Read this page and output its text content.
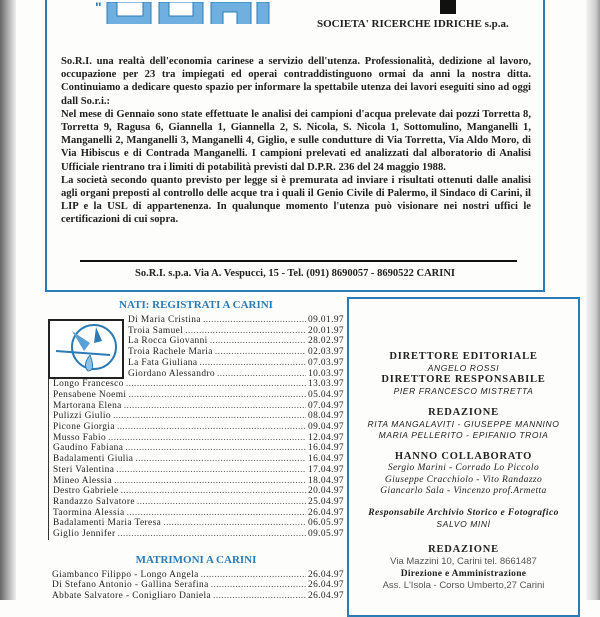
"
SOCIETA' RICERCHE IDRICHE s.p.a.

So.R.I. una realtà dell'economia carinese a servizio dell'utenza. Professionalità, dedizione al lavoro, occupazione per 23 tra impiegati ed operai contraddistinguono ormai da anni la nostra ditta. Continuiamo a dedicare questo spazio per informare la spettabile utenza dei lavori eseguiti sino ad oggi dall So.r.i.:

Nel mese di Gennaio sono state effettuate le analisi dei campioni d'acqua prelevate dai pozzi Torretta 8, Torretta 9, Ragusa 6, Giannella 1, Giannella 2, S. Nicola, S. Nicola 1, Sottomulino, Manganelli 1, Manganelli 2, Manganelli 3, Manganelli 4, Giglio, e sulle condutture di Via Torretta, Via Aldo Moro, di Via Hibiscus e di Contrada Manganelli. I campioni prelevati ed analizzati dal alboratorio di Analisi Ufficiale rientrano tra i limiti di potabilità previsti dal D.P.R. 236 del 24 maggio 1988.

La società secondo quanto previsto per legge si è premurata ad inviare i risultati ottenuti dalle analisi agli organi preposti al controllo delle acque tra i quali il Genio Civile di Palermo, il Sindaco di Carini, il LIP e la USL di appartenenza. In qualunque momento l'utenza può visionare nei nostri uffici le certificazioni di cui sopra.

So.R.I. s.p.a. Via A. Vespucci, 15 - Tel. (091) 8690057 - 8690522 CARINI
NATI: REGISTRATI A CARINI
Di Maria Cristina .....	09.01.97
Troia Samuel .....	20.01.97
La Rocca Giovanni .....	28.02.97
Troia Rachele Maria .....	02.03.97
La Fata Giuliana .....	07.03.97
Giordano Alessandro .....	10.03.97
Longo Francesco .....	13.03.97
Pensabene Noemi .....	05.04.97
Martorana Elena .....	07.04.97
Pulizzi Giulio .....	08.04.97
Picone Giorgia .....	09.04.97
Musso Fabio .....	12.04.97
Gaudino Fabiana .....	16.04.97
Badalamenti Giulia .....	16.04.97
Steri Valentina .....	17.04.97
Mineo Alessia .....	18.04.97
Destro Gabriele .....	20.04.97
Randazzo Salvatore .....	25.04.97
Taormina Alessia .....	26.04.97
Badalamenti Maria Teresa .....	06.05.97
Giglio Jennifer .....	09.05.97
MATRIMONI A CARINI
Giambanco Filippo - Longo Angela .....	26.04.97
Di Stefano Antonio - Gallina Serafina .....	26.04.97
Abbate Salvatore - Conigliaro Daniela .....	26.04.97
DIRETTORE EDITORIALE
ANGELO ROSSI
DIRETTORE RESPONSABILE
PIER FRANCESCO MISTRETTA
REDAZIONE
RITA MANGALAVITI - GIUSEPPE MANNINO
MARIA PELLERITO - EPIFANIO TROIA
HANNO COLLABORATO
Sergio Marini - Corrado Lo Piccolo
Giuseppe Cracchiolo - Vito Randazzo
Giancarlo Sala - Vincenzo prof.Armetta
Responsabile Archivio Storico e Fotografico
SALVO MINÌ
REDAZIONE
Via Mazzini 10, Carini tel. 8661487
Direzione e Amministrazione
Ass. L'Isola - Corso Umberto,27 Carini
